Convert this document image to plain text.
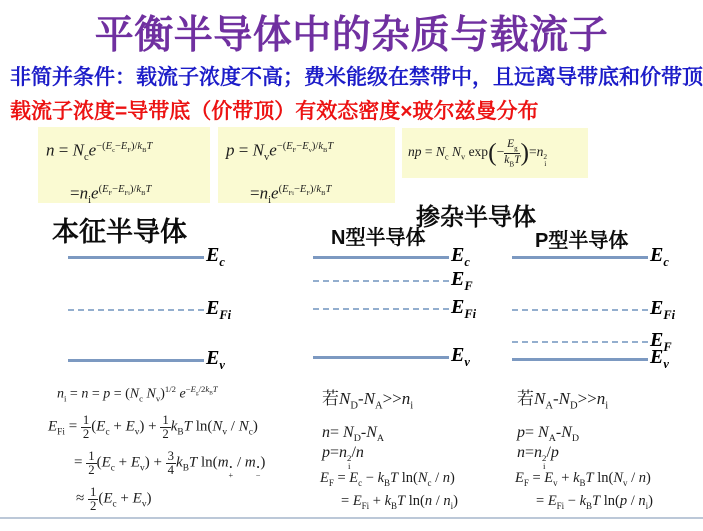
平衡半导体中的杂质与载流子
非简并条件：载流子浓度不高；费米能级在禁带中，且远离导带底和价带顶
载流子浓度=导带底（价带顶）有效态密度×玻尔兹曼分布
$n = N_ce^{-(E_c-E_F)/k_BT}$
$=n_ie^{(E_F-E_{Fi})/k_BT}$
$p = N_ve^{-(E_F-E_v)/k_BT}$
$=n_ie^{(E_{Fi}-E_F)/k_BT}$
np = $N_c$ $N_v$ $\exp(- \frac{E_g}{k_BT} )=n$ 2
i
本征半导体	掺杂半导体
N型半导体	P型半导体
$E_c$
$E_{Fi}$
$E_v$
$E_c$
$E_F$
$E_{Fi}$
$E_v$
$E_c$
$E_{Fi}$
$E_F$
$E_v$
$n_i = n = p = (N_c$ $N_v)^{1/2}$ $e^{-E_g/2k_BT}$
$E_{Fi} = \frac{1}{2} (E_c + E_v) + \frac{1}{2} k_BT$ $\ln(N_v / N_c)$
= $\frac{1}{2} (E_c + E_v) + \frac{3}{4} k_BT$ ln(m •
+
/ m •
−
)
≈ $\frac{1}{2} (E_c + E_v)$
若$N_D-N_A>>n_i$
$n= N_D-N_A$
p=n 2
i
/n
$E_F = E_c - k_BT$ $\ln(N_c / n)$
= $E_{Fi} + k_BT$ $\ln(n / n_i)$
若$N_A-N_D>>n_i$
$p= N_A-N_D$
n=n 2
i
/p
$E_F = E_v + k_BT$ $\ln(N_v / n)$
= $E_{Fi} - k_BT$ $\ln(p / n_i)$
